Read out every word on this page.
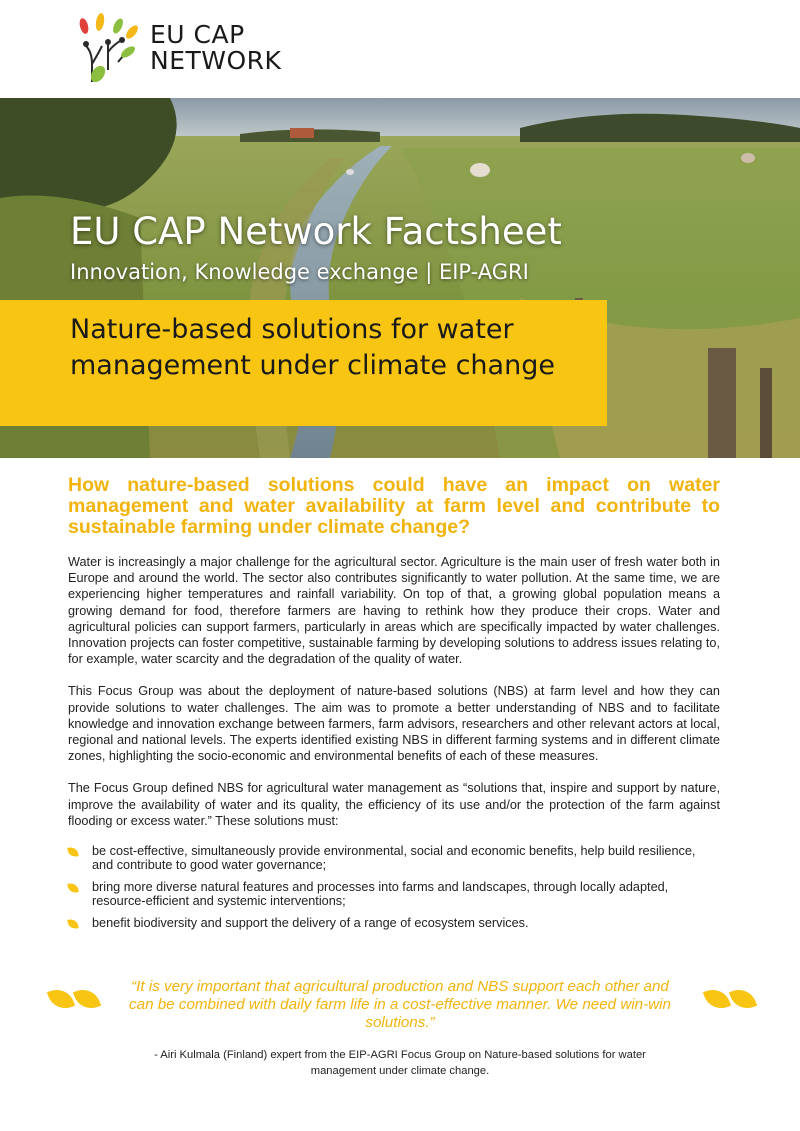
EU CAP
NETWORK
EU CAP Network Factsheet
Innovation, Knowledge exchange | EIP-AGRI
Nature-based solutions for water management under climate change

How nature-based solutions could have an impact on water management and water availability at farm level and contribute to sustainable farming under climate change?

Water is increasingly a major challenge for the agricultural sector. Agriculture is the main user of fresh water both in Europe and around the world. The sector also contributes significantly to water pollution. At the same time, we are experiencing higher temperatures and rainfall variability. On top of that, a growing global population means a growing demand for food, therefore farmers are having to rethink how they produce their crops. Water and agricultural policies can support farmers, particularly in areas which are specifically impacted by water challenges. Innovation projects can foster competitive, sustainable farming by developing solutions to address issues relating to, for example, water scarcity and the degradation of the quality of water.

This Focus Group was about the deployment of nature-based solutions (NBS) at farm level and how they can provide solutions to water challenges. The aim was to promote a better understanding of NBS and to facilitate knowledge and innovation exchange between farmers, farm advisors, researchers and other relevant actors at local, regional and national levels. The experts identified existing NBS in different farming systems and in different climate zones, highlighting the socio-economic and environmental benefits of each of these measures.

The Focus Group defined NBS for agricultural water management as “solutions that, inspire and support by nature, improve the availability of water and its quality, the efficiency of its use and/or the protection of the farm against flooding or excess water.” These solutions must:

be cost-effective, simultaneously provide environmental, social and economic benefits, help build resilience, and contribute to good water governance;
bring more diverse natural features and processes into farms and landscapes, through locally adapted, resource-efficient and systemic interventions;
benefit biodiversity and support the delivery of a range of ecosystem services.
“It is very important that agricultural production and NBS support each other and can be combined with daily farm life in a cost-effective manner. We need win-win solutions.”
- Airi Kulmala (Finland) expert from the EIP-AGRI Focus Group on Nature-based solutions for water management under climate change.
